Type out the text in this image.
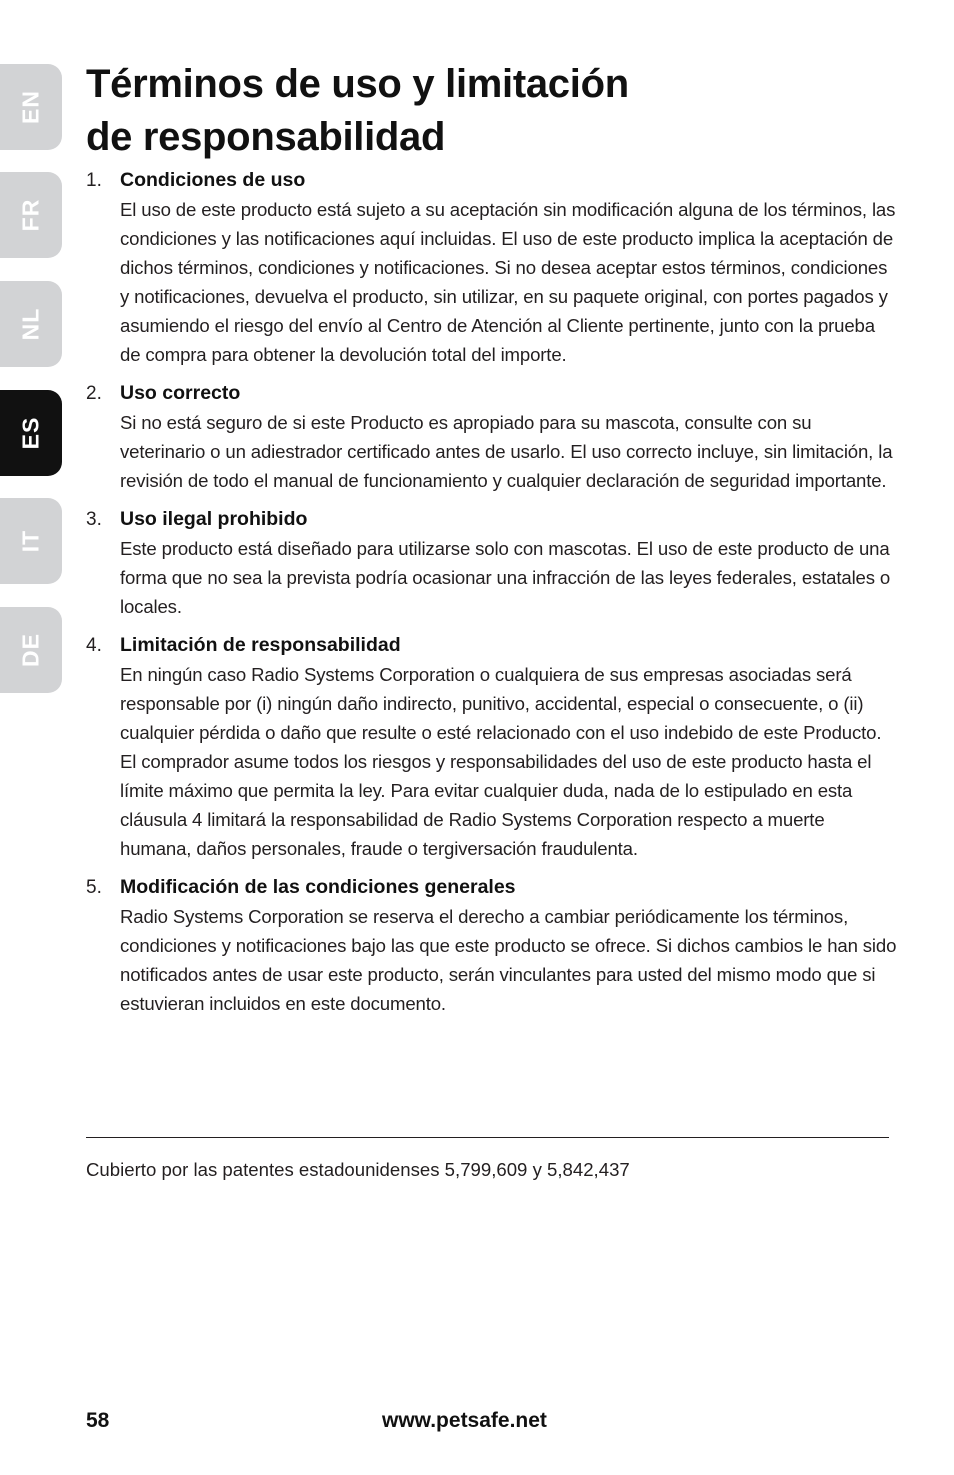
EN
FR
NL
ES
IT
DE
Términos de uso y limitación
de responsabilidad
1. Condiciones de uso
El uso de este producto está sujeto a su aceptación sin modificación alguna de los términos, las condiciones y las notificaciones aquí incluidas. El uso de este producto implica la aceptación de dichos términos, condiciones y notificaciones. Si no desea aceptar estos términos, condiciones y notificaciones, devuelva el producto, sin utilizar, en su paquete original, con portes pagados y asumiendo el riesgo del envío al Centro de Atención al Cliente pertinente, junto con la prueba de compra para obtener la devolución total del importe.
2. Uso correcto
Si no está seguro de si este Producto es apropiado para su mascota, consulte con su veterinario o un adiestrador certificado antes de usarlo. El uso correcto incluye, sin limitación, la revisión de todo el manual de funcionamiento y cualquier declaración de seguridad importante.
3. Uso ilegal prohibido
Este producto está diseñado para utilizarse solo con mascotas. El uso de este producto de una forma que no sea la prevista podría ocasionar una infracción de las leyes federales, estatales o locales.
4. Limitación de responsabilidad
En ningún caso Radio Systems Corporation o cualquiera de sus empresas asociadas será responsable por (i) ningún daño indirecto, punitivo, accidental, especial o consecuente, o (ii) cualquier pérdida o daño que resulte o esté relacionado con el uso indebido de este Producto. El comprador asume todos los riesgos y responsabilidades del uso de este producto hasta el límite máximo que permita la ley. Para evitar cualquier duda, nada de lo estipulado en esta cláusula 4 limitará la responsabilidad de Radio Systems Corporation respecto a muerte humana, daños personales, fraude o tergiversación fraudulenta.
5. Modificación de las condiciones generales
Radio Systems Corporation se reserva el derecho a cambiar periódicamente los términos, condiciones y notificaciones bajo las que este producto se ofrece. Si dichos cambios le han sido notificados antes de usar este producto, serán vinculantes para usted del mismo modo que si estuvieran incluidos en este documento.
Cubierto por las patentes estadounidenses 5,799,609 y 5,842,437
58	www.petsafe.net
